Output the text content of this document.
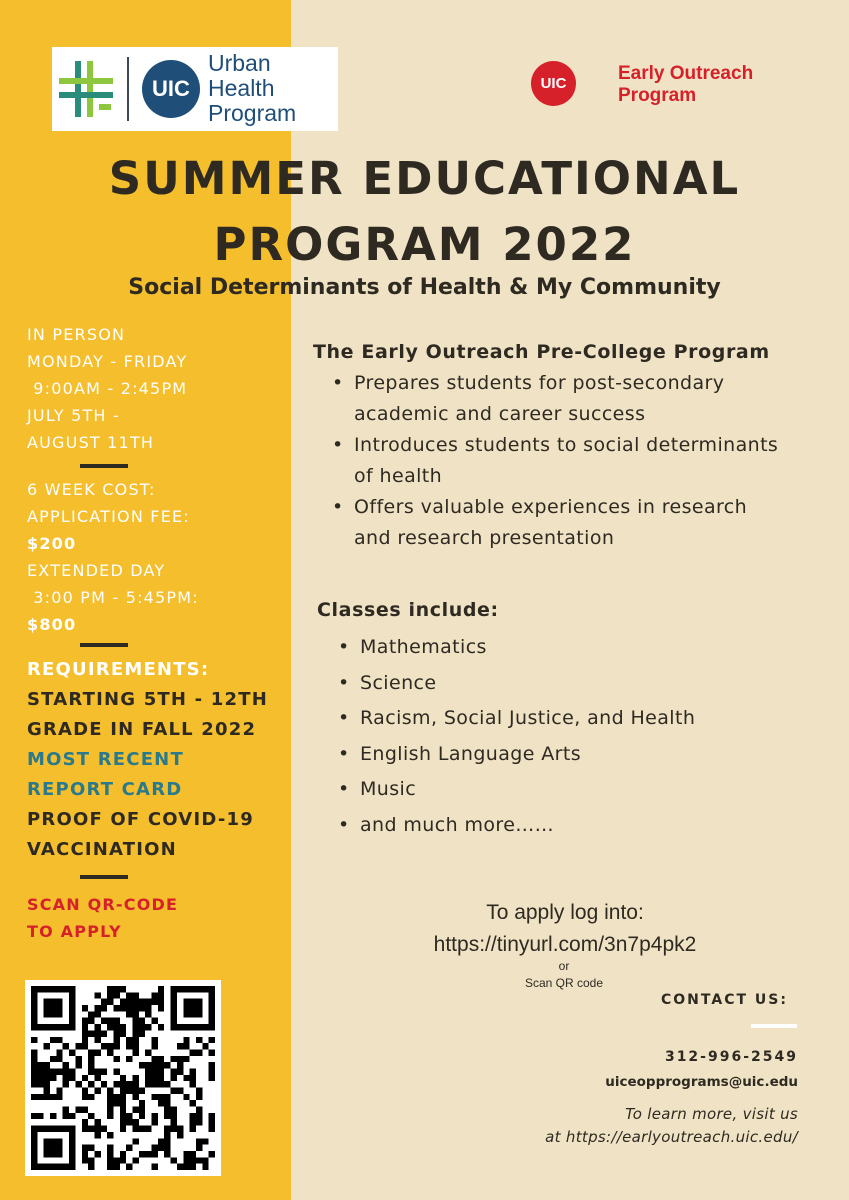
UIC
Urban
Health
Program
UIC	Early Outreach
Program
SUMMER EDUCATIONAL
PROGRAM 2022
Social Determinants of Health & My Community
IN PERSON
MONDAY - FRIDAY
9:00AM - 2:45PM
JULY 5TH -
AUGUST 11TH
6 WEEK COST:
APPLICATION FEE:
$200
EXTENDED DAY
3:00 PM - 5:45PM:
$800
REQUIREMENTS:
STARTING 5TH - 12TH
GRADE IN FALL 2022
MOST RECENT
REPORT CARD
PROOF OF COVID-19
VACCINATION
SCAN QR-CODE
TO APPLY
The Early Outreach Pre-College Program
• Prepares students for post-secondary
academic and career success
• Introduces students to social determinants
of health
• Offers valuable experiences in research
and research presentation
Classes include:
• Mathematics
• Science
• Racism, Social Justice, and Health
• English Language Arts
• Music
• and much more……
To apply log into:
https://tinyurl.com/3n7p4pk2
or
Scan QR code
CONTACT US:
312-996-2549
uiceopprograms@uic.edu
To learn more, visit us
at https://earlyoutreach.uic.edu/
